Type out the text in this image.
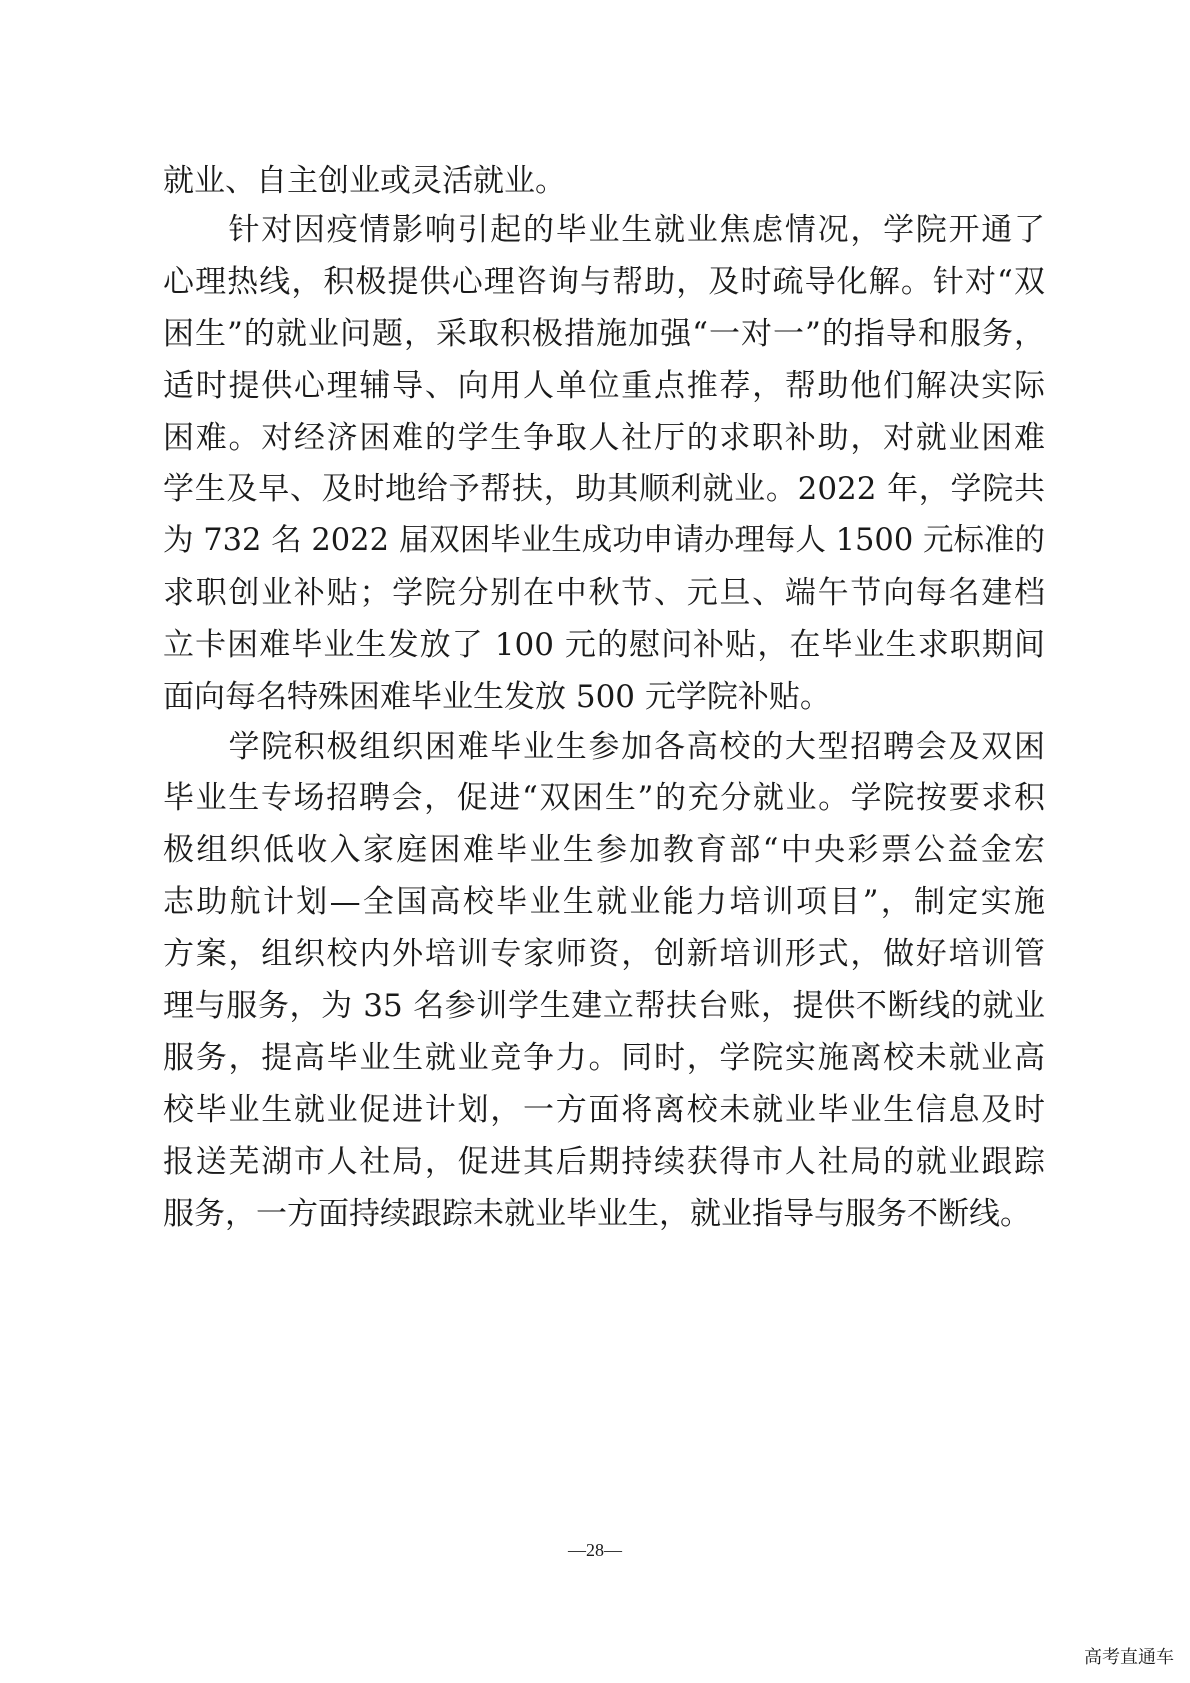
就业、自主创业或灵活就业。
　　针对因疫情影响引起的毕业生就业焦虑情况，学院开通了
心理热线，积极提供心理咨询与帮助，及时疏导化解。针对“双
困生”的就业问题，采取积极措施加强“一对一”的指导和服务，
适时提供心理辅导、向用人单位重点推荐，帮助他们解决实际
困难。对经济困难的学生争取人社厅的求职补助，对就业困难
学生及早、及时地给予帮扶，助其顺利就业。2022 年，学院共
为 732 名 2022 届双困毕业生成功申请办理每人 1500 元标准的
求职创业补贴；学院分别在中秋节、元旦、端午节向每名建档
立卡困难毕业生发放了 100 元的慰问补贴，在毕业生求职期间
面向每名特殊困难毕业生发放 500 元学院补贴。
　　学院积极组织困难毕业生参加各高校的大型招聘会及双困
毕业生专场招聘会，促进“双困生”的充分就业。学院按要求积
极组织低收入家庭困难毕业生参加教育部“中央彩票公益金宏
志助航计划—全国高校毕业生就业能力培训项目”，制定实施
方案，组织校内外培训专家师资，创新培训形式，做好培训管
理与服务，为 35 名参训学生建立帮扶台账，提供不断线的就业
服务，提高毕业生就业竞争力。同时，学院实施离校未就业高
校毕业生就业促进计划，一方面将离校未就业毕业生信息及时
报送芜湖市人社局，促进其后期持续获得市人社局的就业跟踪
服务，一方面持续跟踪未就业毕业生，就业指导与服务不断线。
—28—
高考直通车
